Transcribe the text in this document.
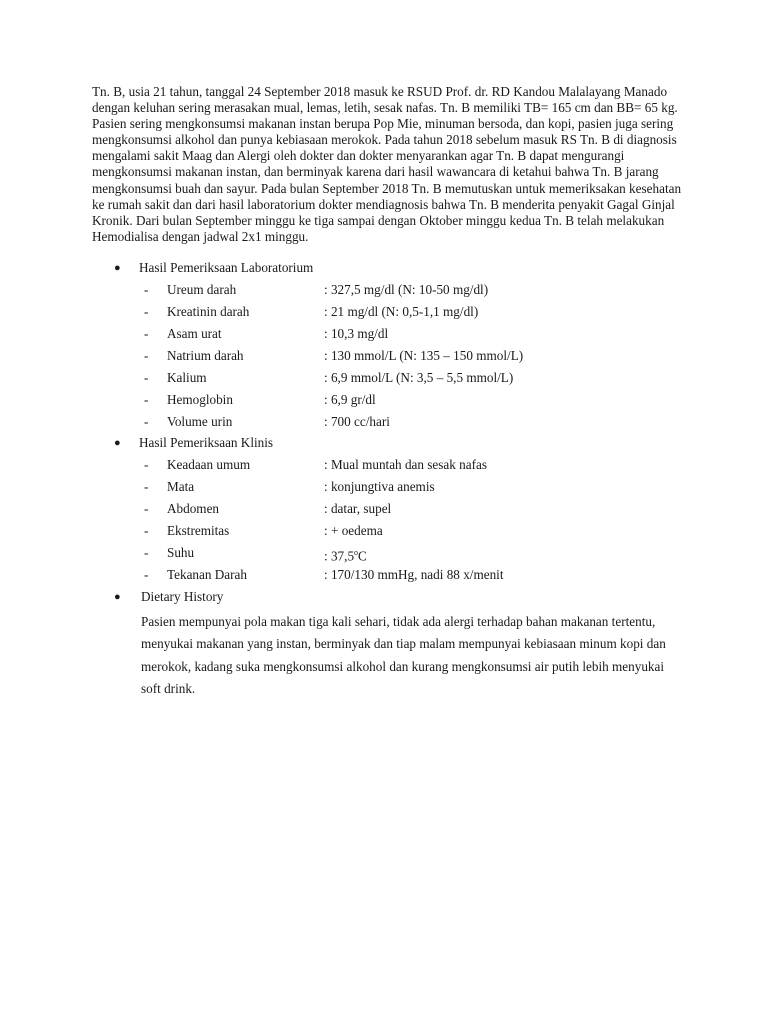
Tn. B, usia 21 tahun, tanggal 24 September 2018 masuk ke RSUD Prof. dr. RD Kandou Malalayang Manado dengan keluhan sering merasakan mual, lemas, letih, sesak nafas. Tn. B memiliki TB= 165 cm dan BB= 65 kg. Pasien sering mengkonsumsi makanan instan berupa Pop Mie, minuman bersoda, dan kopi, pasien juga sering mengkonsumsi alkohol dan punya kebiasaan merokok. Pada tahun 2018 sebelum masuk RS Tn. B di diagnosis mengalami sakit Maag dan Alergi oleh dokter dan dokter menyarankan agar Tn. B dapat mengurangi mengkonsumsi makanan instan, dan berminyak karena dari hasil wawancara di ketahui bahwa Tn. B jarang mengkonsumsi buah dan sayur. Pada bulan September 2018 Tn. B memutuskan untuk memeriksakan kesehatan ke rumah sakit dan dari hasil laboratorium dokter mendiagnosis bahwa Tn. B menderita penyakit Gagal Ginjal Kronik. Dari bulan September minggu ke tiga sampai dengan Oktober minggu kedua Tn. B telah melakukan Hemodialisa dengan jadwal 2x1 minggu.

● Hasil Pemeriksaan Laboratorium
- Ureum darah	: 327,5 mg/dl (N: 10-50 mg/dl)
- Kreatinin darah	: 21 mg/dl (N: 0,5-1,1 mg/dl)
- Asam urat	: 10,3 mg/dl
- Natrium darah	: 130 mmol/L (N: 135 – 150 mmol/L)
- Kalium	: 6,9 mmol/L (N: 3,5 – 5,5 mmol/L)
- Hemoglobin	: 6,9 gr/dl
- Volume urin	: 700 cc/hari
● Hasil Pemeriksaan Klinis
- Keadaan umum	: Mual muntah dan sesak nafas
- Mata	: konjungtiva anemis
- Abdomen	: datar, supel
- Ekstremitas	: + oedema
- Suhu	: 37,5$^o$C
- Tekanan Darah	: 170/130 mmHg, nadi 88 x/menit
● Dietary History

Pasien mempunyai pola makan tiga kali sehari, tidak ada alergi terhadap bahan makanan tertentu, menyukai makanan yang instan, berminyak dan tiap malam mempunyai kebiasaan minum kopi dan merokok, kadang suka mengkonsumsi alkohol dan kurang mengkonsumsi air putih lebih menyukai soft drink.
